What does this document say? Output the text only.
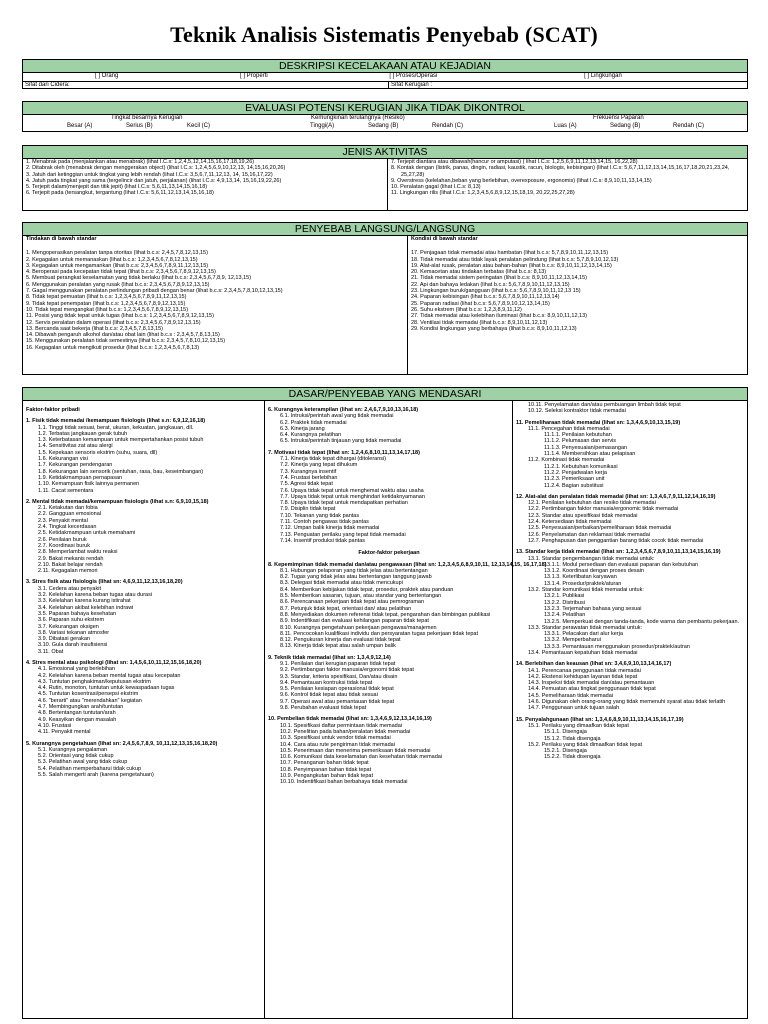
Teknik Analisis Sistematis Penyebab (SCAT)
DESKRIPSI KECELAKAAN ATAU KEJADIAN
[ ] Orang	[ ] Properti	[ ] Proses/Operasi	[ ] Lingkungan
Sifat dari Cidera:	Sifat Kerugian :
EVALUASI POTENSI KERUGIAN JIKA TIDAK DIKONTROL
Tingkat besarnya Kerugian	Kemungkinan terulangnya (Resiko)	Frekuensi Paparan
Besar (A)	Serius (B)	Kecil (C)	Tinggi(A)	Sedang (B)	Rendah (C)	Luas (A)	Sedang (B)	Rendah (C)
JENIS AKTIVITAS
1. Menabrak pada (menjalankan atau menabrak) (lihat I.C.s: 1,2,4,5,12,14,15,16,17,18,19,26)
2. Ditabrak oleh (menabrak dengan menggerakan object) (lihat I.C.s: 1,2,4,5,6,9,10,12,13, 14,15,16,20,26)
3. Jatuh dari ketinggian untuk tingkat yang lebih rendah (lihat I.C.s: 3,5,6,7,11,12,13, 14, 15,16,17,22)
4. Jatuh pada tingkat yang sama (tergelincir dan jatuh, perjalanan) (lihat I.C.s: 4,9,13,14, 15,16,19,22,26)
5. Terjepit dalam(menjepit dan titik jepit) (lihat I.C.s: 5,6,11,13,14,15,16,18)
6. Terjepit pada (tersangkut, tergantung (lihat I.C.s: 5,6,11,12,13,14,15,16,18)
7. Terjepit diantara atau dibawah(hancur or amputasi) ( lihat I.C.s: 1,2,5,6,9,11,12,13,14,15, 16,22,28)
8. Kontak dengan (listrik, panas, dingin, radiasi, kaustik, racun, biologis, kebisingan) (lihat I.C.s: 5,6,7,11,12,13,14,15,16,17,18,20,21,23,24, 25,27,28)
9. Overstress (kelelahan,beban yang berlebihan, overexposure, ergonomis) (lihat I.C.s: 8,9,10,11,13,14,15)
10. Peralatan gagal (lihat I.C.s: 8,13)
11. Lingkungan rilis (lihat I.C.s: 1,2,3,4,5,6,8,9,12,15,18,19, 20,22,25,27,28)
PENYEBAB LANGSUNG/LANGSUNG
Tindakan di bawah standar
1. Mengoperasikan peralatan tanpa otoritas (lihat b.c.s: 2,4,5,7,8,12,13,15)
2. Kegagalan untuk memanaskan (lihat b.c.s: 1,2,3,4,5,6,7,8,12,13,15)
3. Kegagalan untuk mengamankan (lihat b.c.s: 2,3,4,5,6,7,8,9,11,12,13,15)
4. Beroperasi pada kecepatan tidak tepat (lihat b.c.s: 2,3,4,5,6,7,8,9,12,13,15)
5. Membuat perangkat keselamatan yang tidak berlaku (lihat b.c.s: 2,3,4,5,6,7,8,9, 12,13,15)
6. Menggunakan peralatan yang rusak (lihat b.c.s: 2,3,4,5,6,7,8,9,12,13,15)
7. Gagal menggunakan peralatan perlindungan pribadi dengan benar (lihat b.c.s: 2,3,4,5,7,8,10,12,13,15)
8. Tidak tepat pemuatan (lihat b.c.s: 1,2,3,4,5,6,7,8,9,11,12,13,15)
9. Tidak tepat penempatan (lihat b.c.s: 1,2,3,4,5,6,7,8,9,12,13,15)
10. Tidak tepat mengangkat (lihat b.c.s: 1,2,3,4,5,6,7,8,9,12,13,15)
11. Posisi yang tidak tepat untuk tugas (lihat b.c.s: 1,2,3,4,5,6,7,8,9,12,13,15)
12. Servis peralatan dalam operasi (lihat b.c.s: 2,3,4,5,6,7,8,9,12,13,15)
13. Bercanda saat bekerja (lihat b.c.s: 2,3,4,5,7,8,13,15)
14. Dibawah pengaruh alkohol dan/atau obat lain (lihat b.c.s : 2,3,4,5,7,8,13,15)
15. Menggunakan peralatan tidak semestinya (lihat b.c.s: 2,3,4,5,7,8,10,12,13,15)
16. Kegagalan untuk mengikuti prosedur (lihat b.c.s: 1,2,3,4,5,6,7,8,13)
Kondisi di bawah standar
17. Penjagaan tidak memadai atau hambatan (lihat b.c.s: 5,7,8,9,10,11,12,13,15)
18. Tidak memadai atau tidak layak peralatan pelindung (lihat b.c.s: 5,7,8,9,10,12,13)
19. Alat-alat rusak, peralatan atau bahan-bahan (lihat b.c.s: 8,9,10,11,12,13,14,15)
20. Kemacetan atau tindakan terbatas (lihat b.c.s: 8,13)
21. Tidak memadai sistem peringatan (lihat b.c.s: 8,9,10,11,12,13,14,15)
22. Api dan bahaya ledakan (lihat b.c.s: 5,6,7,8,9,10,11,12,13,15)
23. Lingkungan buruk/gangguan (lihat b.c.s: 5,6,7,8,9,10,11,12,13 15)
24. Paparan kebisingan (lihat b.c.s: 5,6,7,8,9,10,11,12,13,14)
25. Paparan radiasi (lihat b.c.s: 5,6,7,8,9,10,12,13,14,15)
26. Suhu ekstrem (lihat b.c.s: 1,2,3,8,9,11,12)
27. Tidak memadai atau kelebihan iluminasi (lihat b.c.s: 8,9,10,11,12,13)
28. Ventilasi tidak memadai (lihat b.c.s: 8,9,10,11,12,13)
29. Kondisi lingkungan yang berbahaya (lihat b.c.s: 8,9,10,11,12,13)
DASAR/PENYEBAB YANG MENDASARI
Faktor-faktor pribadi
1. Fisik tidak memadai /kemampuan fisiologis (lihat s.n: 6,9,12,16,18)
1.1. Tinggi tidak sesuai, berat, ukuran, kekuatan, jangkauan, dll.
1.2. Terbatas jangkauan gerak tubuh
1.3. Keterbatasan kemampuan untuk mempertahankan posisi tubuh
1.4. Sensitivitas zat atau alergi
1.5. Kepekaan sensoris ekstrim (suhu, suara, dll)
1.6. Kekurangan visi
1.7. Kekurangan pendengaran
1.8. Kekurangan lain sensorik (sentuhan, rasa, bau, keseimbangan)
1.9. Ketidakmampuan pernapasan
1.10. Kemampuan fisik lainnya permanen
1.11. Cacat sementara
2. Mental tidak memadai/kemampuan fisiologis (lihat s.n: 6,9,10,15,18)
2.1. Ketakutan dan fobia
2.2. Gangguan emosional
2.3. Penyakit mental
2.4. Tingkat kecerdasan
2.5. Ketidakmampuan untuk memahami
2.6. Penilaian buruk
2.7. Koordinasi buruk
2.8. Memperlambat waktu reaksi
2.9. Bakat mekanis rendah
2.10. Bakat belajar rendah
2.11. Kegagalan memori
3. Stres fisik atau fisiologis (lihat sn: 4,6,9,11,12,13,16,18,20)
3.1. Cedera atau penyakit
3.2. Kelelahan karena beban tugas atau durasi
3.3. Kelelahan karena kurang istirahat
3.4. Kelelahan akibat kelebihan indrawi
3.5. Paparan bahaya kesehatan
3.6. Paparan suhu ekstrem
3.7. Kekurangan oksigen
3.8. Variasi tekanan atmosfer
3.9. Dibatasi gerakan
3.10. Gula darah insufisiensi
3.11. Obat
4. Stres mental atau psikologi (lihat sn: 1,4,5,6,10,11,12,15,16,18,20)
4.1. Emosional yang berlebihan
4.2. Kelelahan karena beban mental tugas atau kecepatan
4.3. Tuntutan penghakiman/keputusan ekstrim
4.4. Rutin, monoton, tuntutan untuk kewaspadaan tugas
4.5. Tuntutan kosentrasi/persepsi ekstrim
4.6. "berarti" atau "merendahkan" kegiatan
4.7. Membingungkan arah/tuntutan
4.8. Bertentangan tuntutan/arah
4.9. Keasyikan dengan masalah
4.10. Frustasi
4.11. Penyakit mental
5. Kurangnya pengetahuan (lihat sn: 2,4,5,6,7,8,9, 10,11,12,13,15,16,18,20)
5.1. Kurangnya pengalaman
5.2. Orientasi yang tidak cukup
5.3. Pelatihan awal yang tidak cukup
5.4. Pelatihan memperbaharui tidak cukup
5.5. Salah mengerti arah (karena pengetahuan)
6. Kurangnya keterampilan (lihat sn: 2,4,6,7,9,10,13,16,18)
6.1. Intruksi/perintah awal yang tidak memadai
6.2. Praktek tidak memadai
6.3. Kinerja jarang
6.4. Kurangnya pelatihan
6.5. Intruksi/perintah tinjauan yang tidak memadai
7. Motivasi tidak tepat (lihat sn: 1,2,4,6,8,10,11,13,14,17,18)
7.1. Kinerja tidak tepat dihargai (ditoleransi)
7.2. Kinerja yang tepat dihukum
7.3. Kurangnya insentif
7.4. Frustasi berlebihan
7.5. Agresi tidak tepat
7.6. Upaya tidak tepat untuk menghemat waktu atau usaha
7.7. Upaya tidak tepat untuk menghindari ketidaknyamanan
7.8. Upaya tidak tepat untuk mendapatkan perhatian
7.9. Disiplin tidak tepat
7.10. Tekanan yang tidak pantas
7.11. Contoh pengawas tidak pantas
7.12. Umpan balik kinerja tidak memadai
7.13. Penguatan perilaku yang tepat tidak memadai
7.14. Insentif produksi tidak pantas
Faktor-faktor pekerjaan
8. Kepemimpinan tidak memadai dan/atau pengawasan (lihat sn: 1,2,3,4,5,6,8,9,10,11, 12,13,14,15, 16,17,18)
8.1. Hubungan pelaporan yang tidak jelas atau bertentangan
8.2. Tugas yang tidak jelas atau bertentangan tanggung jawab
8.3. Delegasi tidak memadai atau tidak mencukupi
8.4. Memberikan kebijakan tidak tepat, prosedur, praktek atau panduan
8.5. Memberikan sasaran, tujuan, atau standar yang bertentangan
8.6. Perencanaan pekerjaan tidak tepat atau pemrograman
8.7. Petunjuk tidak tepat, orientasi dan/ atau pelatihan
8.8. Menyediakan dokumen referensi tidak tepat, pengarahan dan bimbingan publikasi
8.9. Indentifikasi dan evaluasi kehilangan paparan tidak tepat
8.10. Kurangnya pengetahuan pekerjaan pengawas/manajemen
8.11. Pencocokan kualifikasi individu dan persyaratan tugas pekerjaan tidak tepat
8.12. Pengukuran kinerja dan evaluasi tidak tepat
8.13. Kinerja tidak tepat atau salah umpan balik
9. Teknik tidak memadai (lihat sn: 1,3,4,9,12,14)
9.1. Penilaian dari kerugian paparan tidak tepat
9.2. Pertimbangan faktor manusia/ergonomi tidak tepat
9.3. Standar, kriteria spesifikasi, Dan/atau disain
9.4. Pemantauan kontruksi tidak tepat
9.5. Penilaian kesiapan operasional tidak tepat
9.6. Kontrol tidak tepat atau tidak sesuai
9.7. Operasi awal atau pemantauan tidak tepat
9.8. Perubahan evaluasi tidak tepat
10. Pembelian tidak memadai (lihat sn: 1,3,4,6,9,12,13,14,16,19)
10.1. Spesifikasi daftar permintaan tidak memadai
10.2. Penelitian pada bahan/peralatan tidak memadai
10.3. Spesifikasi untuk vendor tidak memadai
10.4. Cara atau rute pengiriman tidak memadai
10.5. Penerimaan dan menerima pemeriksaan tidak memadai
10.6. Komunikasi data keselamatan dan kesehatan tidak memadai
10.7. Penanganan bahan tidak tepat
10.8. Penyimpanan bahan tidak tepat
10.9. Pengangkutan bahan tidak tepat
10.10. Indentifikasi bahan berbahaya tidak memadai
10.11. Penyelamatan dan/atau pembuangan limbah tidak tepat
10.12. Seleksi kontraktor tidak memadai
11. Pemeliharaan tidak memadai (lihat sn: 1,3,4,6,9,10,13,15,19)
11.1. Pencegahan tidak memadai
11.1.1. Penilaian kebutuhan
11.1.2. Pelumasan dan servis
11.1.3. Penyesuaian/pemasangan
11.1.4. Membersihkan atau pelapisan
11.2. Kombinasi tidak memadai
11.2.1. Kebutuhan komunikasi
11.2.2. Penjadwalan kerja
11.2.3. Pemeriksaan unit
11.2.4. Bagian substitusi
12. Alat-alat dan peralatan tidak memadai (lihat sn: 1,3,4,6,7,9,11,12,14,16,19)
12.1. Penilaian kebutuhan dan resiko tidak memadai
12.2. Pertimbangan faktor manusia/ergonomic tidak memadai
12.3. Standar atau spesifikasi tidak memadai
12.4. Ketersediaan tidak memadai
12.5. Penyesuaian/perbaikan/pemeliharaan tidak memadai
12.6. Penyelamatan dan reklamasi tidak memadai
12.7. Penghapusan dan penggantian barang tidak cocok tidak memadai
13. Standar kerja tidak memadai (lihat sn: 1,2,3,4,5,6,7,8,9,10,11,13,14,15,16,19)
13.1. Standar pengembangan tidak memadai untuk:
13.1.1. Modul persediaan dan evaluasi paparan dan kebutuhan
13.1.2. Koordinasi dengan proses desain
13.1.3. Keterlibatan karyawan
13.1.4. Prosedur/praktek/aturan
13.2. Standar komunikasi tidak memadai untuk:
13.2.1. Publikasi
13.2.2. Distribusi
13.2.3. Terjemahan bahasa yang sesuai
13.2.4. Pelatihan
13.2.5. Memperkuat dengan tanda-tanda, kode warna dan pembantu pekerjaan.
13.3. Standar perawatan tidak memadai untuk:
13.3.1. Pelacakan dari alur kerja
13.3.2. Memperbaharui
13.3.3. Pemantauan menggunakan prosedur/praktek/autran
13.4. Pemantauan kepatuhan tidak memadai
14. Berlebihan dan keausan (lihat sn: 3,4,6,9,10,13,14,16,17)
14.1. Perencanaa penggunaan tidak memadai
14.2. Ekstensi kehidupan layanan tidak tepat
14.3. Inspeksi tidak memadai dan/atau pemantauan
14.4. Pemuatan atau tingkat penggunaan tidak tepat
14.5. Pemeliharaan tidak memadai
14.6. Digunakan oleh orang-orang yang tidak memenuhi syarat atau tidak terlatih
14.7. Penggunaan untuk tujuan salah
15. Penyalahgunaan (lihat sn: 1,3,4,6,8,9,10,11,13,14,15,16,17,19)
15.1. Perilaku yang dimaafkan tidak tepat
15.1.1. Disengaja
15.1.2. Tidak disengaja
15.2. Perilaku yang tidak dimaafkan tidak tepat
15.2.1. Disengaja
15.2.2. Tidak disengaja
